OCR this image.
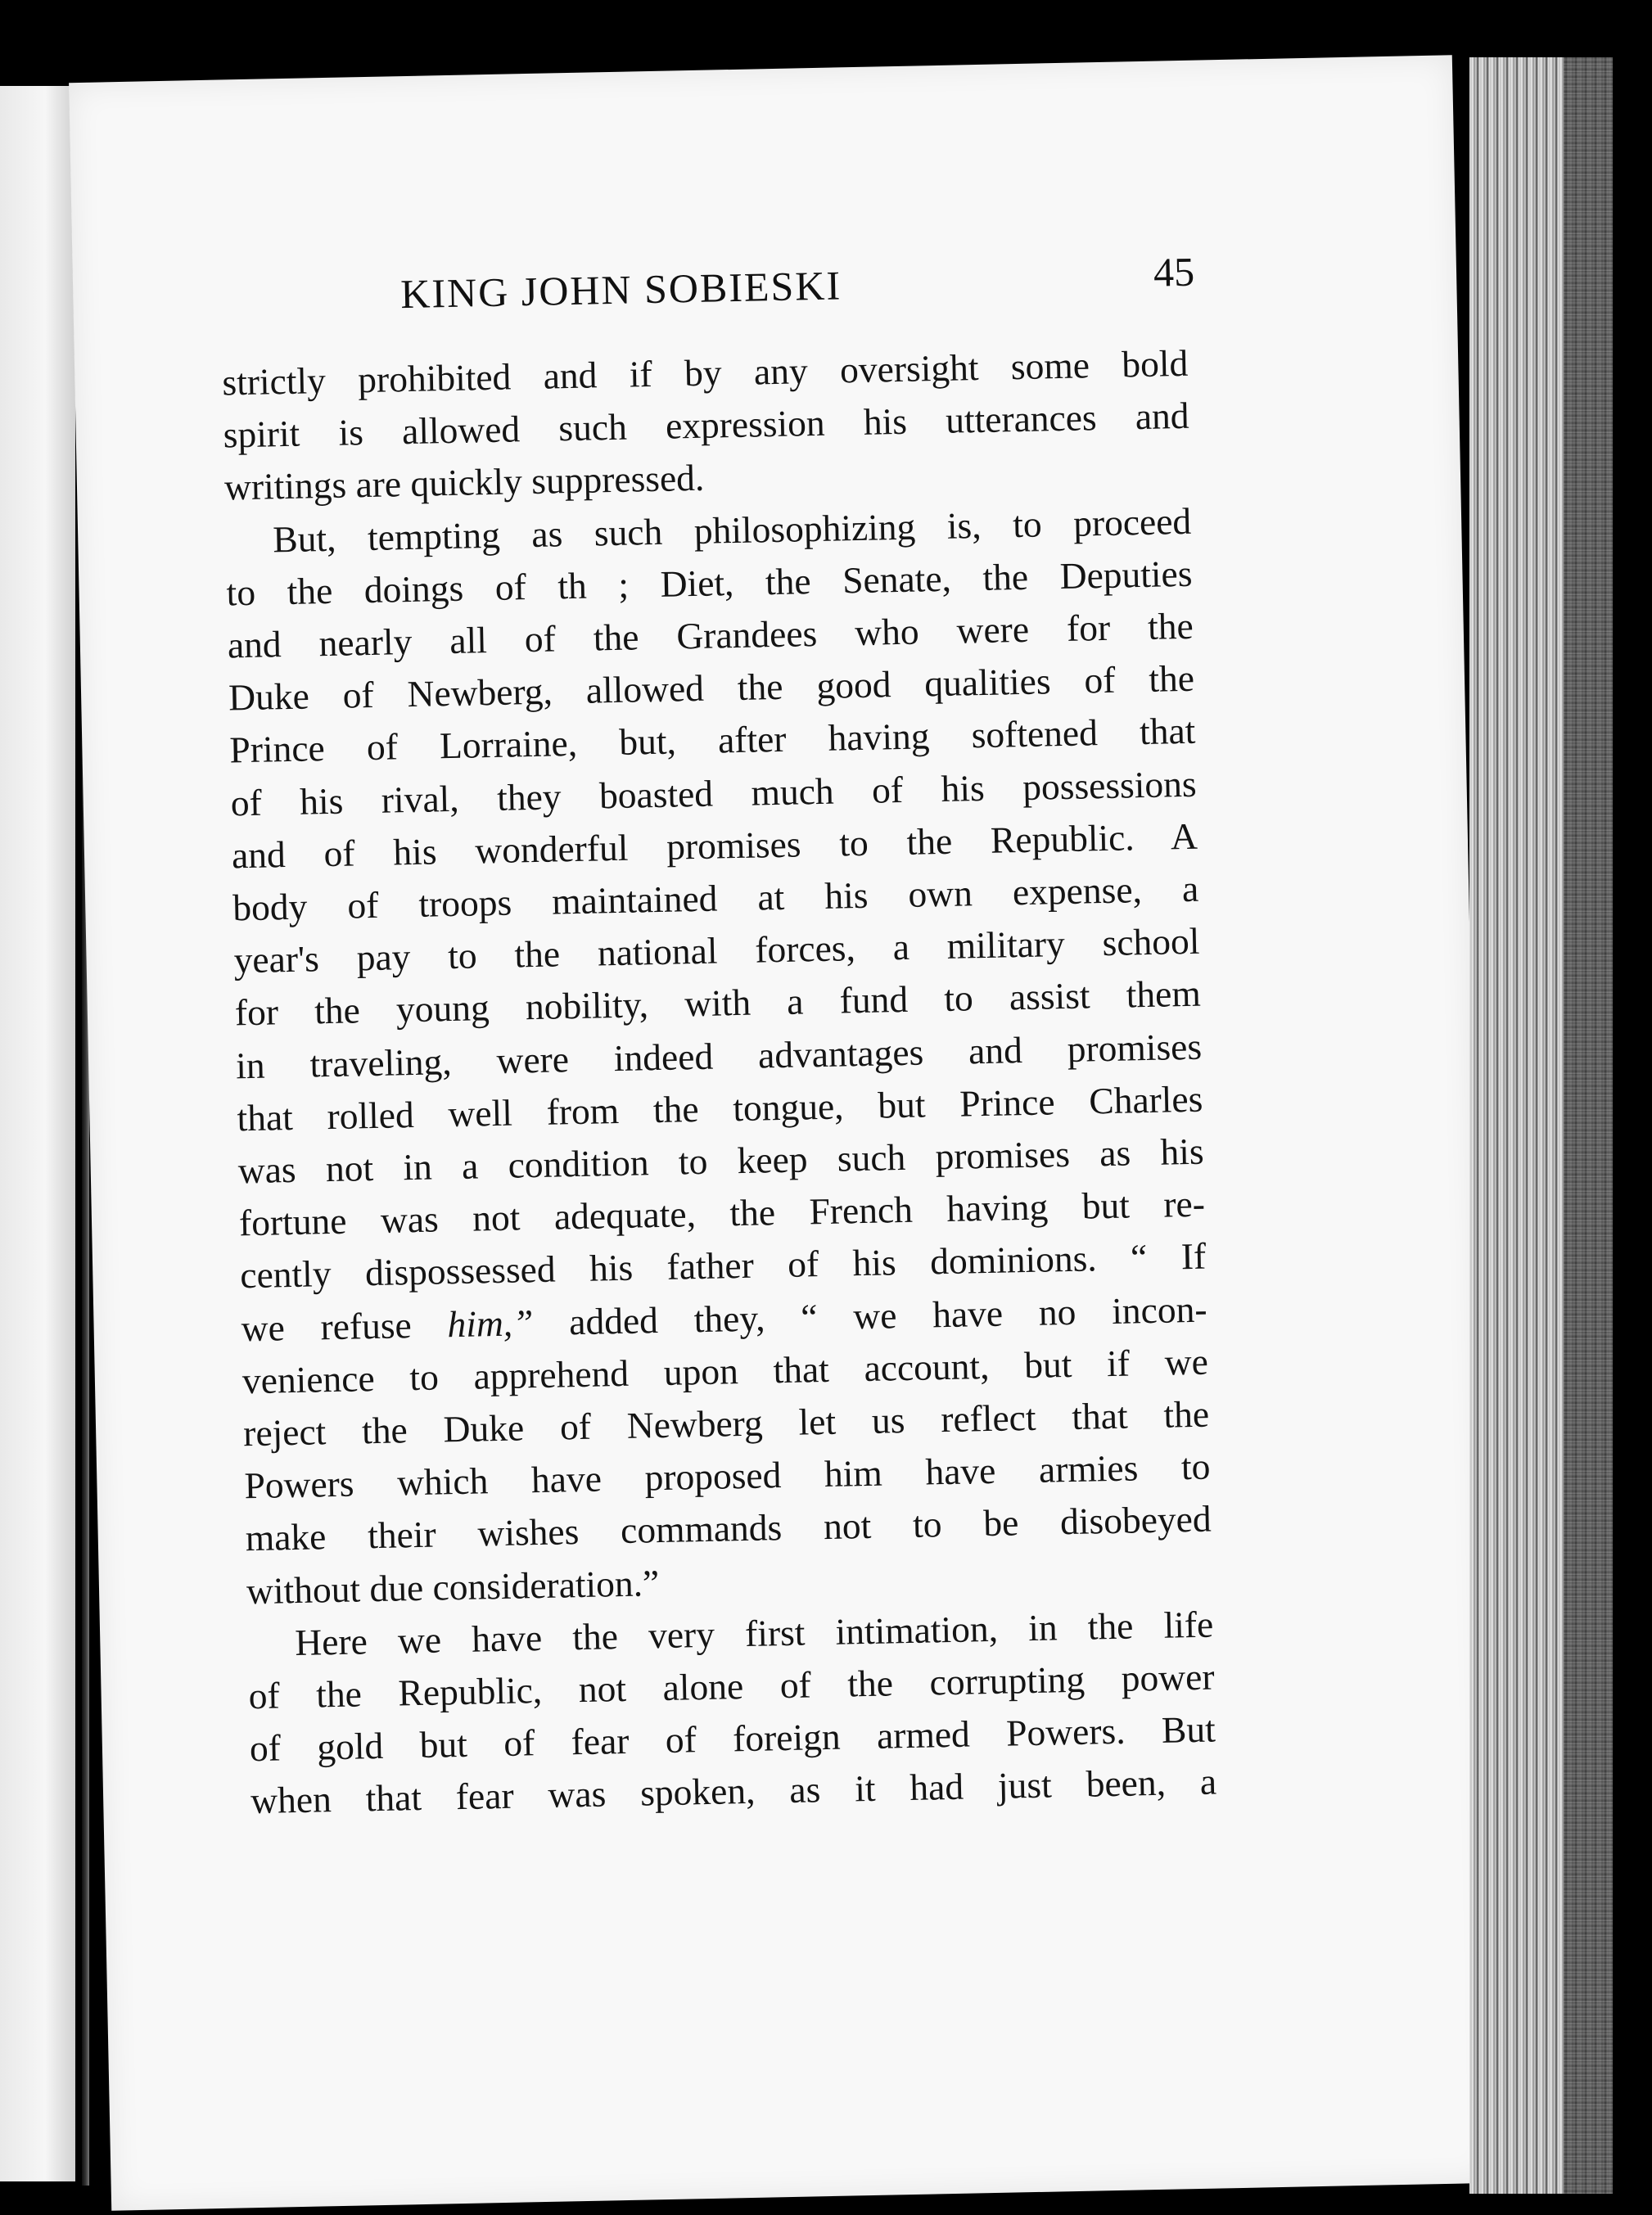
KING JOHN SOBIESKI	45

strictly prohibited and if by any oversight some bold

spirit is allowed such expression his utterances and

writings are quickly suppressed.

But, tempting as such philosophizing is, to proceed

to the doings of th ; Diet, the Senate, the Deputies

and nearly all of the Grandees who were for the

Duke of Newberg, allowed the good qualities of the

Prince of Lorraine, but, after having softened that

of his rival, they boasted much of his possessions

and of his wonderful promises to the Republic. A

body of troops maintained at his own expense, a

year's pay to the national forces, a military school

for the young nobility, with a fund to assist them

in traveling, were indeed advantages and promises

that rolled well from the tongue, but Prince Charles

was not in a condition to keep such promises as his

fortune was not adequate, the French having but re-

cently dispossessed his father of his dominions. “ If

we refuse him,” added they, “ we have no incon-

venience to apprehend upon that account, but if we

reject the Duke of Newberg let us reflect that the

Powers which have proposed him have armies to

make their wishes commands not to be disobeyed

without due consideration.”

Here we have the very first intimation, in the life

of the Republic, not alone of the corrupting power

of gold but of fear of foreign armed Powers. But

when that fear was spoken, as it had just been, a
